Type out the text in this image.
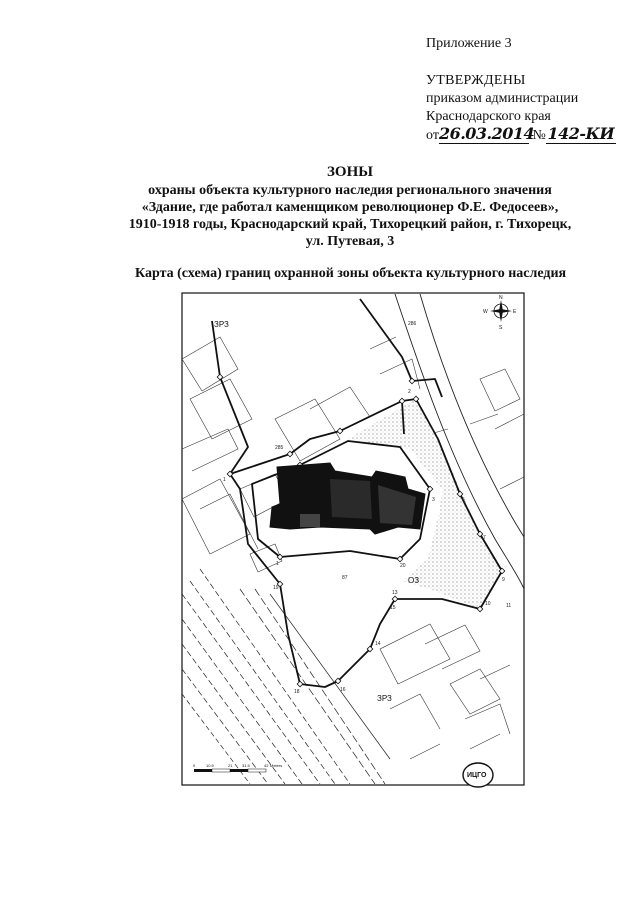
Приложение 3
УТВЕРЖДЕНЫ
приказом администрации
Краснодарского края
от26.03.2014 № 142-КИ
ЗОНЫ
охраны объекта культурного наследия регионального значения
«Здание, где работал каменщиком революционер Ф.Е. Федосеев»,
1910-1918 годы, Краснодарский край, Тихорецкий район, г. Тихорецк,
ул. Путевая, 3
Карта (схема) границ охранной зоны объекта культурного наследия
1
2
3	5
7
9
10	11
13
14
15
16
18
19
20
285
286
87
1
ЗРЗ
ОЗ
ЗРЗ
N
S
E
W
0	10.5	21 31.5	42 Meters
ИЦГО
